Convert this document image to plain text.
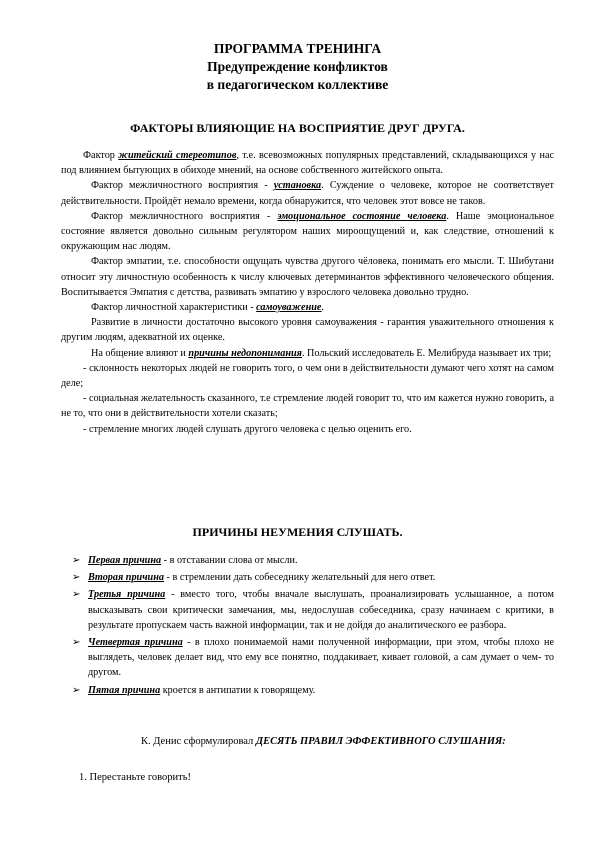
ПРОГРАММА ТРЕНИНГА
Предупреждение конфликтов
в педагогическом коллективе
ФАКТОРЫ ВЛИЯЮЩИЕ НА ВОСПРИЯТИЕ ДРУГ ДРУГА.

Фактор житейский стереотипов, т.е. всевозможных популярных представлений, складывающихся у нас под влиянием бытующих в обиходе мнений, на основе собственного житейского опыта.

Фактор межличностного восприятия - установка. Суждение о человеке, которое не соответствует действительности. Пройдёт немало времени, когда обнаружится, что человек этот вовсе не таков.

Фактор межличностного восприятия - эмоциональное состояние человека. Наше эмоциональное состояние является довольно сильным регулятором наших мироощущений и, как следствие, отношений к окружающим нас людям.

Фактор эмпатии, т.е. способности ощущать чувства другого чёловека, понимать его мысли. Т. Шибутани относит эту личностную особенность к числу ключевых детерминантов эффективного человеческого общения. Воспитывается Эмпатия с детства, развивать эмпатию у взрослого человека довольно трудно.

Фактор личностной характеристики - самоуважение.

Развитие в личности достаточно высокого уровня самоуважения - гарантия уважительного отношения к другим людям, адекватной их оценке.

На общение влияют и причины недопонимания. Польский исследователь Е. Мелибруда называет их три;

- склонность некоторых людей не говорить того, о чем они в действительности думают чего хотят на самом деле;

- социальная желательность сказанного, т.е стремление людей говорит то, что им кажется нужно говорить, а не то, что они в действительности хотели сказать;

- стремление многих людей слушать другого человека с целью оценить его.

ПРИЧИНЫ НЕУМЕНИЯ СЛУШАТЬ.
➢ Первая причина - в отставании слова от мысли.
➢ Вторая причина - в стремлении дать собеседнику желательный для него ответ.
➢ Третья причина - вместо того, чтобы вначале выслушать, проанализировать услышанное, а потом высказывать свои критически замечания, мы, недослушав собеседника, сразу начинаем с критики, в результате пропускаем часть важной информации, так и не дойдя до аналитического ее разбора.
➢ Четвертая причина - в плохо понимаемой нами полученной информации, при этом, чтобы плохо не выглядеть, человек делает вид, что ему все понятно, поддакивает, кивает головой, а сам думает о чем- то другом.
➢ Пятая причина кроется в антипатии к говорящему.

К. Денис сформулировал ДЕСЯТЬ ПРАВИЛ ЭФФЕКТИВНОГО СЛУШАНИЯ:

1. Перестаньте говорить!
